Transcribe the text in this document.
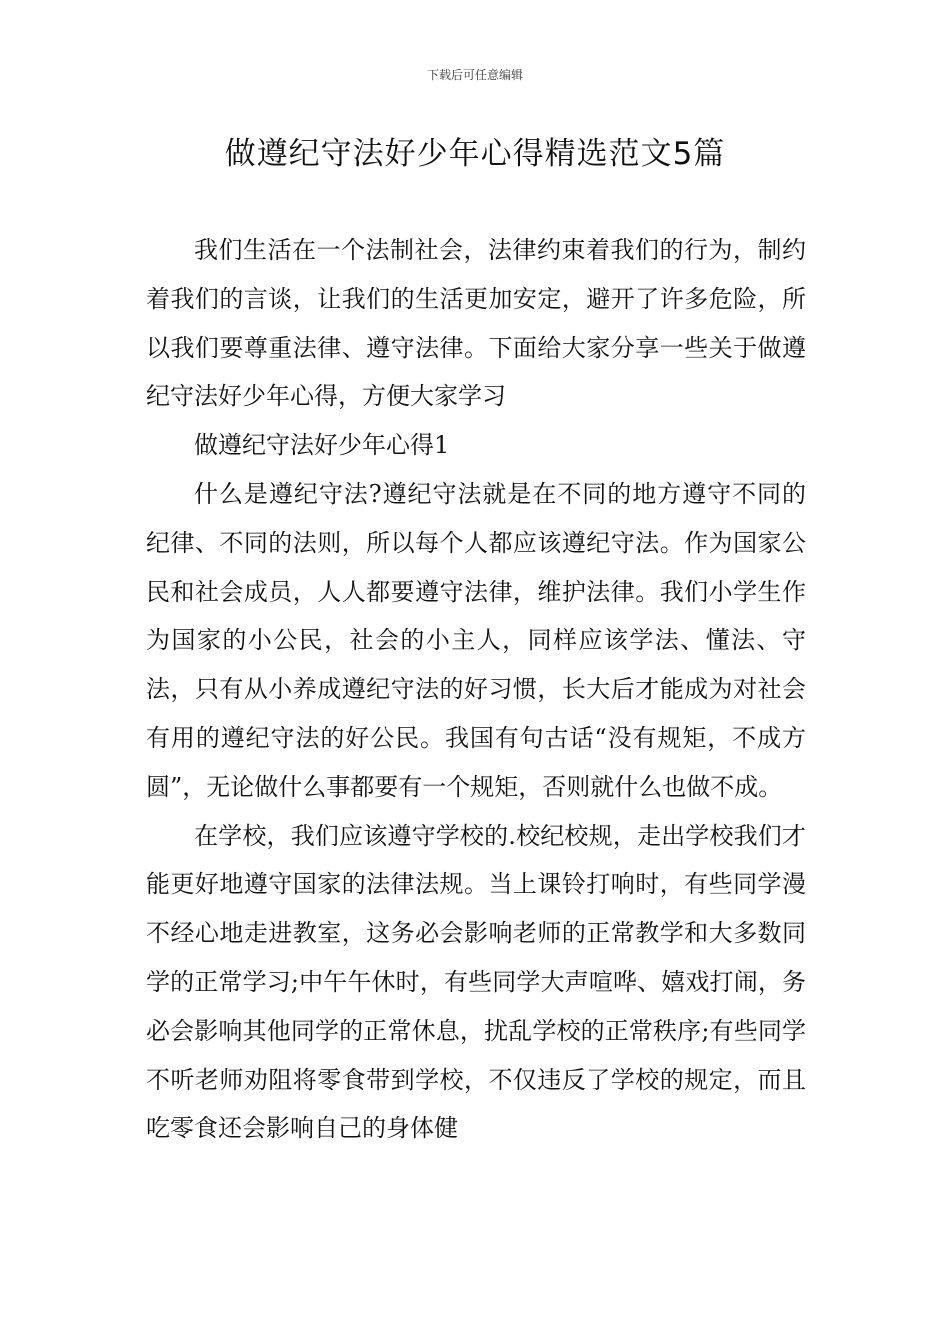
下载后可任意编辑
做遵纪守法好少年心得精选范文5篇

我们生活在一个法制社会，法律约束着我们的行为，制约着我们的言谈，让我们的生活更加安定，避开了许多危险，所以我们要尊重法律、遵守法律。下面给大家分享一些关于做遵纪守法好少年心得，方便大家学习

做遵纪守法好少年心得1

什么是遵纪守法?遵纪守法就是在不同的地方遵守不同的纪律、不同的法则，所以每个人都应该遵纪守法。作为国家公民和社会成员，人人都要遵守法律，维护法律。我们小学生作为国家的小公民，社会的小主人，同样应该学法、懂法、守法，只有从小养成遵纪守法的好习惯，长大后才能成为对社会有用的遵纪守法的好公民。我国有句古话“没有规矩，不成方圆”，无论做什么事都要有一个规矩，否则就什么也做不成。

在学校，我们应该遵守学校的.校纪校规，走出学校我们才能更好地遵守国家的法律法规。当上课铃打响时，有些同学漫不经心地走进教室，这务必会影响老师的正常教学和大多数同学的正常学习;中午午休时，有些同学大声喧哗、嬉戏打闹，务必会影响其他同学的正常休息，扰乱学校的正常秩序;有些同学不听老师劝阻将零食带到学校，不仅违反了学校的规定，而且吃零食还会影响自己的身体健
